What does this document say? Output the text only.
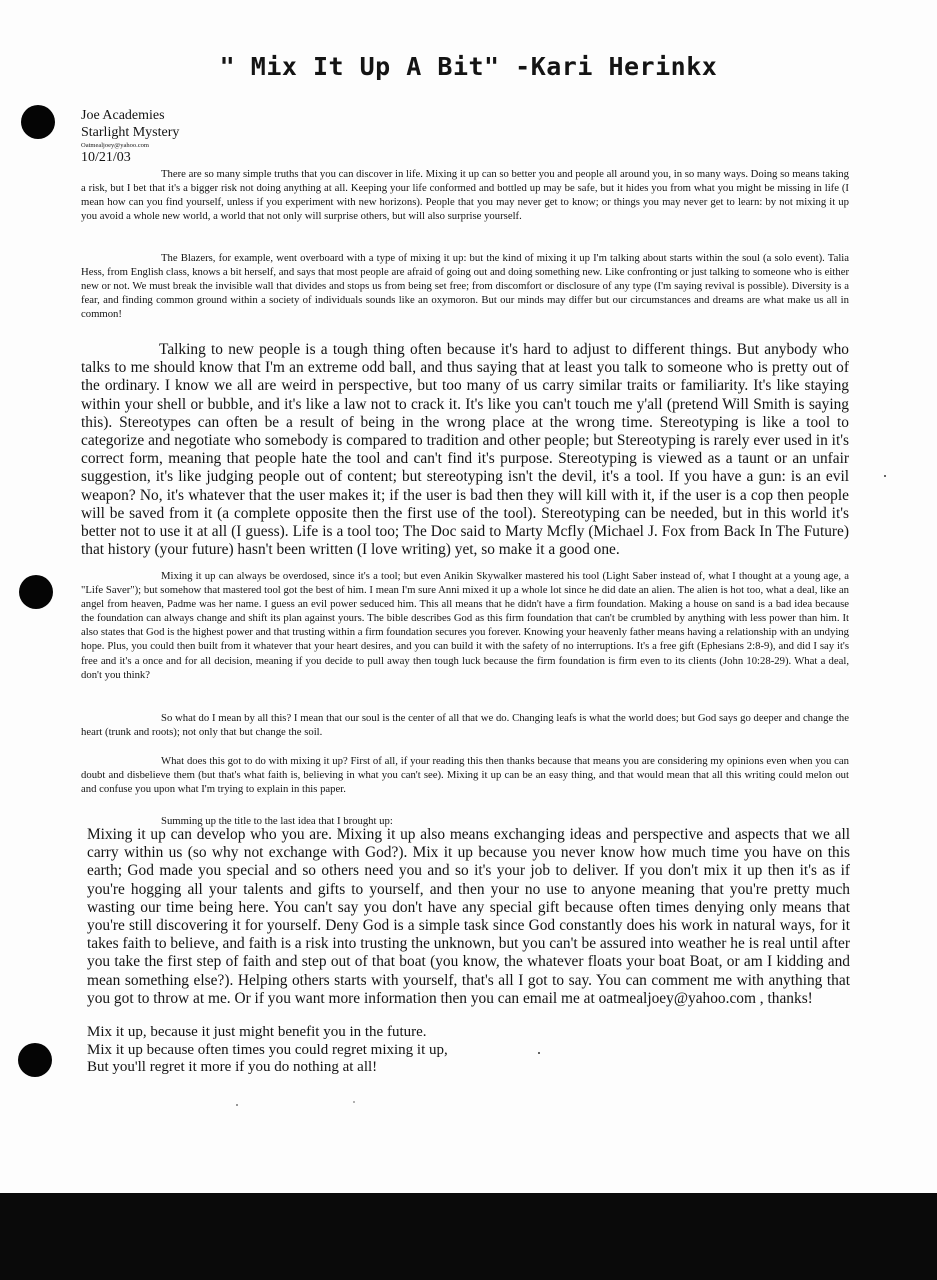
" Mix It Up A Bit" -Kari Herinkx
Joe Academies
Starlight Mystery
Oatmealjoey@yahoo.com
10/21/03

There are so many simple truths that you can discover in life. Mixing it up can so better you and people all around you, in so many ways. Doing so means taking a risk, but I bet that it's a bigger risk not doing anything at all. Keeping your life conformed and bottled up may be safe, but it hides you from what you might be missing in life (I mean how can you find yourself, unless if you experiment with new horizons). People that you may never get to know; or things you may never get to learn: by not mixing it up you avoid a whole new world, a world that not only will surprise others, but will also surprise yourself.

The Blazers, for example, went overboard with a type of mixing it up: but the kind of mixing it up I'm talking about starts within the soul (a solo event). Talia Hess, from English class, knows a bit herself, and says that most people are afraid of going out and doing something new. Like confronting or just talking to someone who is either new or not. We must break the invisible wall that divides and stops us from being set free; from discomfort or disclosure of any type (I'm saying revival is possible). Diversity is a fear, and finding common ground within a society of individuals sounds like an oxymoron. But our minds may differ but our circumstances and dreams are what make us all in common!

Talking to new people is a tough thing often because it's hard to adjust to different things. But anybody who talks to me should know that I'm an extreme odd ball, and thus saying that at least you talk to someone who is pretty out of the ordinary. I know we all are weird in perspective, but too many of us carry similar traits or familiarity. It's like staying within your shell or bubble, and it's like a law not to crack it. It's like you can't touch me y'all (pretend Will Smith is saying this). Stereotypes can often be a result of being in the wrong place at the wrong time. Stereotyping is like a tool to categorize and negotiate who somebody is compared to tradition and other people; but Stereotyping is rarely ever used in it's correct form, meaning that people hate the tool and can't find it's purpose. Stereotyping is viewed as a taunt or an unfair suggestion, it's like judging people out of content; but stereotyping isn't the devil, it's a tool. If you have a gun: is an evil weapon? No, it's whatever that the user makes it; if the user is bad then they will kill with it, if the user is a cop then people will be saved from it (a complete opposite then the first use of the tool). Stereotyping can be needed, but in this world it's better not to use it at all (I guess). Life is a tool too; The Doc said to Marty Mcfly (Michael J. Fox from Back In The Future) that history (your future) hasn't been written (I love writing) yet, so make it a good one.

Mixing it up can always be overdosed, since it's a tool; but even Anikin Skywalker mastered his tool (Light Saber instead of, what I thought at a young age, a "Life Saver"); but somehow that mastered tool got the best of him. I mean I'm sure Anni mixed it up a whole lot since he did date an alien. The alien is hot too, what a deal, like an angel from heaven, Padme was her name. I guess an evil power seduced him. This all means that he didn't have a firm foundation. Making a house on sand is a bad idea because the foundation can always change and shift its plan against yours. The bible describes God as this firm foundation that can't be crumbled by anything with less power than him. It also states that God is the highest power and that trusting within a firm foundation secures you forever. Knowing your heavenly father means having a relationship with an undying hope. Plus, you could then built from it whatever that your heart desires, and you can build it with the safety of no interruptions. It's a free gift (Ephesians 2:8-9), and did I say it's free and it's a once and for all decision, meaning if you decide to pull away then tough luck because the firm foundation is firm even to its clients (John 10:28-29). What a deal, don't you think?

So what do I mean by all this? I mean that our soul is the center of all that we do. Changing leafs is what the world does; but God says go deeper and change the heart (trunk and roots); not only that but change the soil.

What does this got to do with mixing it up? First of all, if your reading this then thanks because that means you are considering my opinions even when you can doubt and disbelieve them (but that's what faith is, believing in what you can't see). Mixing it up can be an easy thing, and that would mean that all this writing could melon out and confuse you upon what I'm trying to explain in this paper.

Summing up the title to the last idea that I brought up:

Mixing it up can develop who you are. Mixing it up also means exchanging ideas and perspective and aspects that we all carry within us (so why not exchange with God?). Mix it up because you never know how much time you have on this earth; God made you special and so others need you and so it's your job to deliver. If you don't mix it up then it's as if you're hogging all your talents and gifts to yourself, and then your no use to anyone meaning that you're pretty much wasting our time being here. You can't say you don't have any special gift because often times denying only means that you're still discovering it for yourself. Deny God is a simple task since God constantly does his work in natural ways, for it takes faith to believe, and faith is a risk into trusting the unknown, but you can't be assured into weather he is real until after you take the first step of faith and step out of that boat (you know, the whatever floats your boat Boat, or am I kidding and mean something else?). Helping others starts with yourself, that's all I got to say. You can comment me with anything that you got to throw at me. Or if you want more information then you can email me at oatmealjoey@yahoo.com , thanks!

Mix it up, because it just might benefit you in the future.
Mix it up because often times you could regret mixing it up,
But you'll regret it more if you do nothing at all!
